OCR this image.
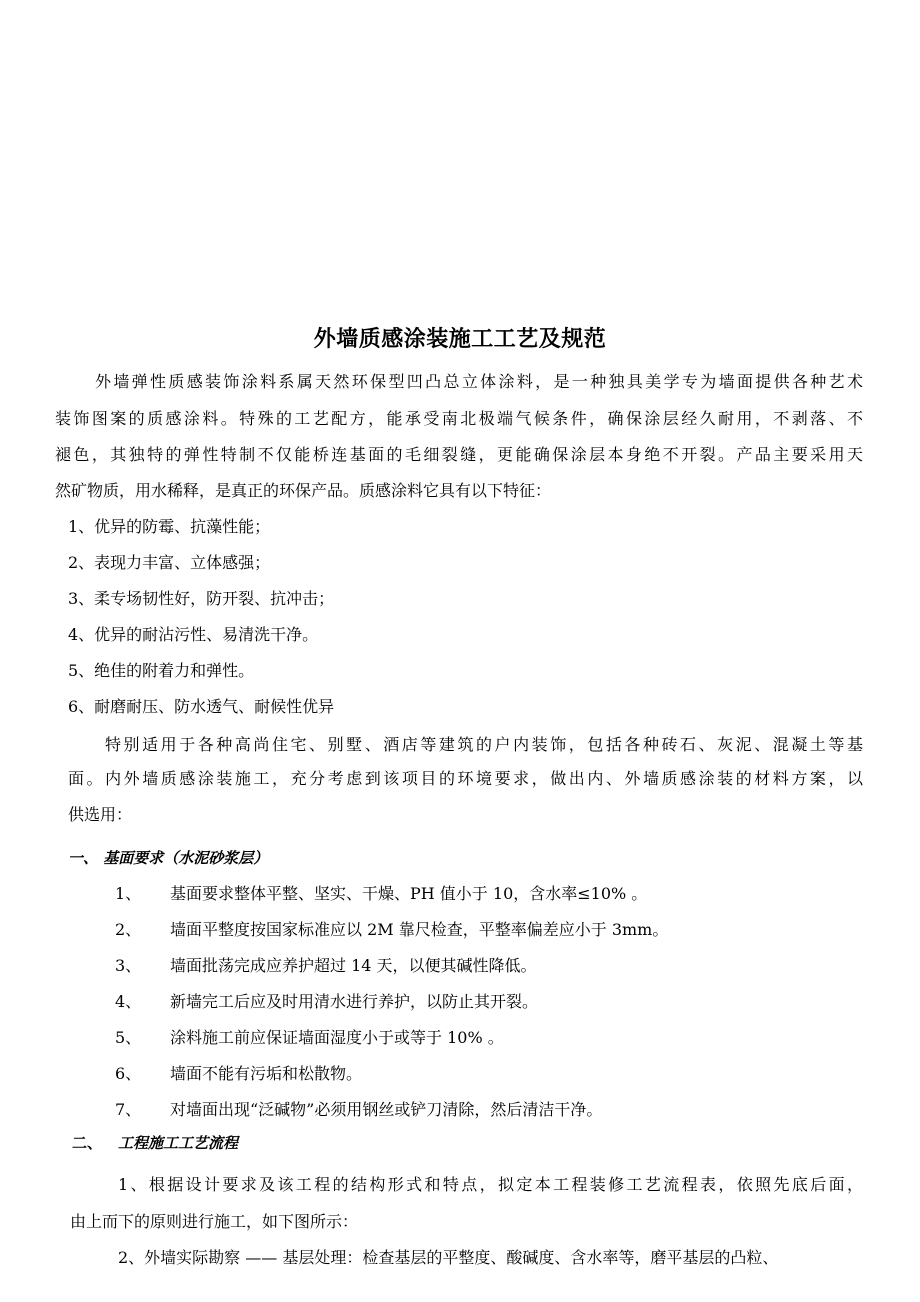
外墙质感涂装施工工艺及规范
外墙弹性质感装饰涂料系属天然环保型凹凸总立体涂料，是一种独具美学专为墙面提供各种艺术
装饰图案的质感涂料。特殊的工艺配方，能承受南北极端气候条件，确保涂层经久耐用，不剥落、不
褪色，其独特的弹性特制不仅能桥连基面的毛细裂缝，更能确保涂层本身绝不开裂。产品主要采用天
然矿物质，用水稀释，是真正的环保产品。质感涂料它具有以下特征：
1、优异的防霉、抗藻性能；
2、表现力丰富、立体感强；
3、柔专场韧性好，防开裂、抗冲击；
4、优异的耐沾污性、易清洗干净。
5、绝佳的附着力和弹性。
6、耐磨耐压、防水透气、耐候性优异
特别适用于各种高尚住宅、别墅、酒店等建筑的户内装饰，包括各种砖石、灰泥、混凝土等基
面。内外墙质感涂装施工，充分考虑到该项目的环境要求，做出内、外墙质感涂装的材料方案，以
供选用：
一、 基面要求（水泥砂浆层）
1、 基面要求整体平整、坚实、干燥、PH 值小于 10，含水率≤10% 。
2、 墙面平整度按国家标准应以 2M 靠尺检查，平整率偏差应小于 3mm。
3、 墙面批荡完成应养护超过 14 天，以便其碱性降低。
4、 新墙完工后应及时用清水进行养护，以防止其开裂。
5、 涂料施工前应保证墙面湿度小于或等于 10% 。
6、 墙面不能有污垢和松散物。
7、 对墙面出现“泛碱物”必须用钢丝或铲刀清除，然后清洁干净。
二、 工程施工工艺流程
1、根据设计要求及该工程的结构形式和特点，拟定本工程装修工艺流程表，依照先底后面，
由上而下的原则进行施工，如下图所示：
2、外墙实际勘察 —— 基层处理：检查基层的平整度、酸碱度、含水率等，磨平基层的凸粒、
